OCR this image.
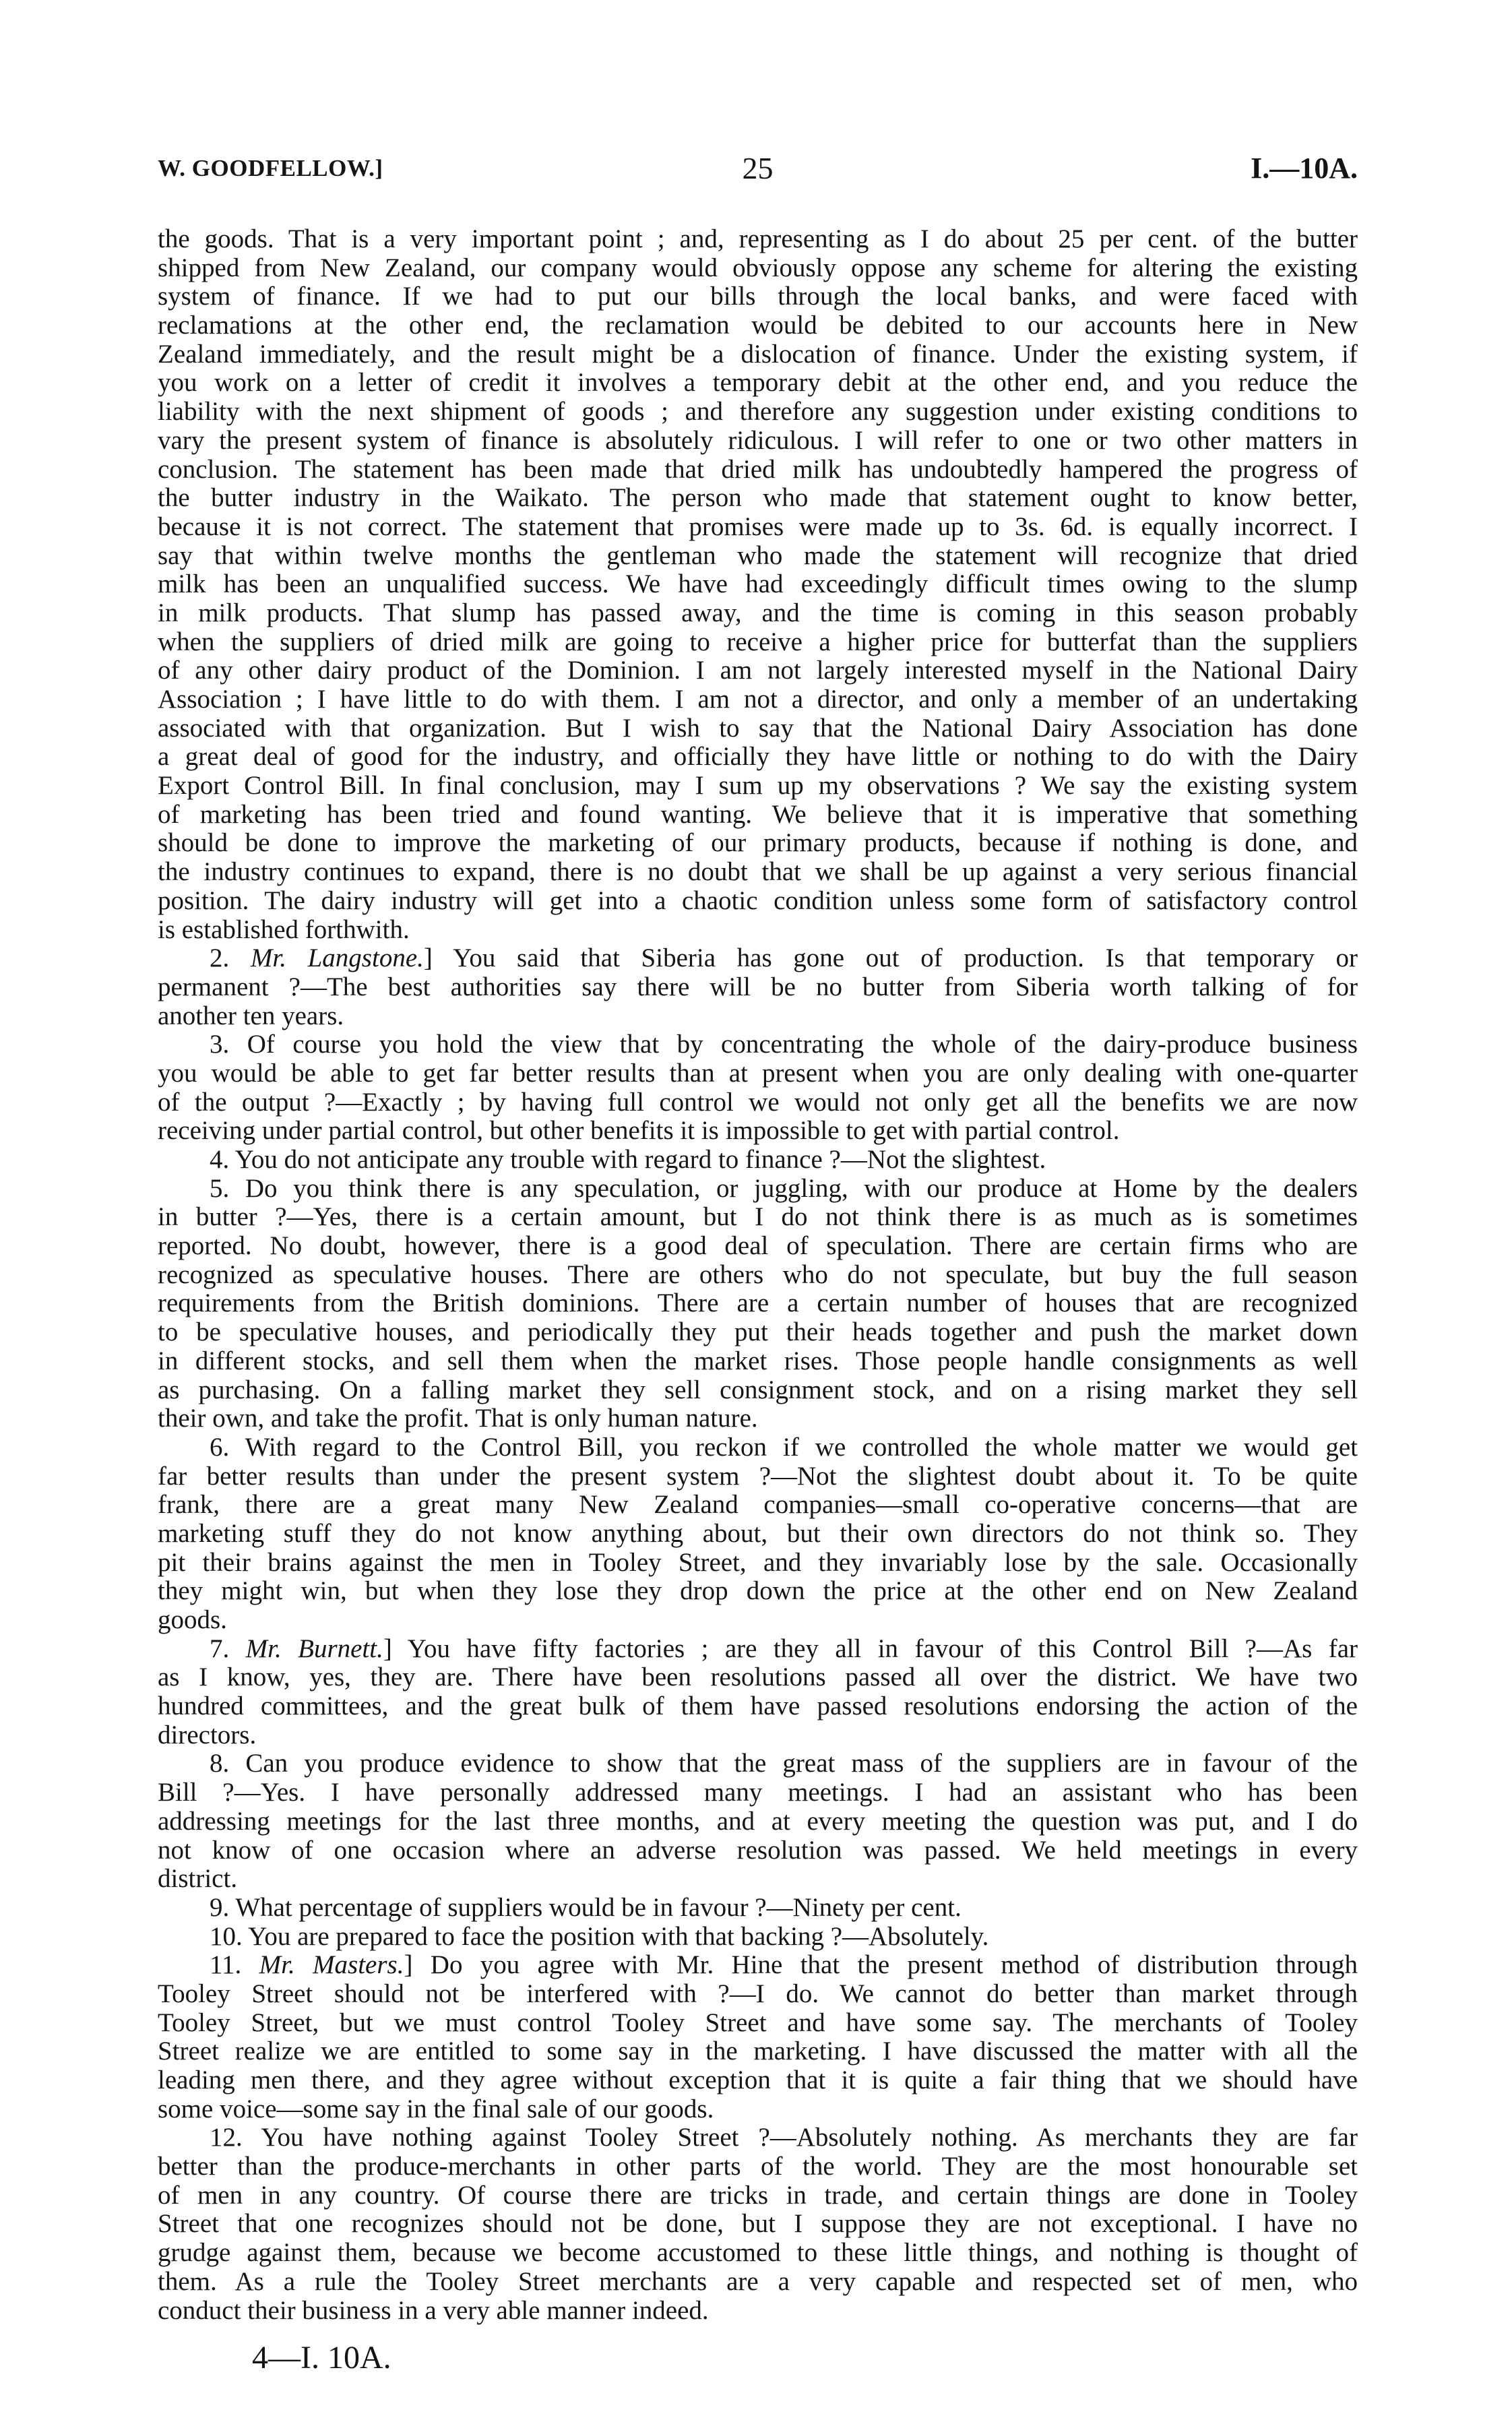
W. GOODFELLOW.]	25	I.—10A.
the goods. That is a very important point ; and, representing as I do about 25 per cent. of the butter
shipped from New Zealand, our company would obviously oppose any scheme for altering the existing
system of finance. If we had to put our bills through the local banks, and were faced with
reclamations at the other end, the reclamation would be debited to our accounts here in New
Zealand immediately, and the result might be a dislocation of finance. Under the existing system, if
you work on a letter of credit it involves a temporary debit at the other end, and you reduce the
liability with the next shipment of goods ; and therefore any suggestion under existing conditions to
vary the present system of finance is absolutely ridiculous. I will refer to one or two other matters in
conclusion. The statement has been made that dried milk has undoubtedly hampered the progress of
the butter industry in the Waikato. The person who made that statement ought to know better,
because it is not correct. The statement that promises were made up to 3s. 6d. is equally incorrect. I
say that within twelve months the gentleman who made the statement will recognize that dried
milk has been an unqualified success. We have had exceedingly difficult times owing to the slump
in milk products. That slump has passed away, and the time is coming in this season probably
when the suppliers of dried milk are going to receive a higher price for butterfat than the suppliers
of any other dairy product of the Dominion. I am not largely interested myself in the National Dairy
Association ; I have little to do with them. I am not a director, and only a member of an undertaking
associated with that organization. But I wish to say that the National Dairy Association has done
a great deal of good for the industry, and officially they have little or nothing to do with the Dairy
Export Control Bill. In final conclusion, may I sum up my observations ? We say the existing system
of marketing has been tried and found wanting. We believe that it is imperative that something
should be done to improve the marketing of our primary products, because if nothing is done, and
the industry continues to expand, there is no doubt that we shall be up against a very serious financial
position. The dairy industry will get into a chaotic condition unless some form of satisfactory control
is established forthwith.
2. Mr. Langstone.] You said that Siberia has gone out of production. Is that temporary or
permanent ?—The best authorities say there will be no butter from Siberia worth talking of for
another ten years.
3. Of course you hold the view that by concentrating the whole of the dairy-produce business
you would be able to get far better results than at present when you are only dealing with one-quarter
of the output ?—Exactly ; by having full control we would not only get all the benefits we are now
receiving under partial control, but other benefits it is impossible to get with partial control.
4. You do not anticipate any trouble with regard to finance ?—Not the slightest.
5. Do you think there is any speculation, or juggling, with our produce at Home by the dealers
in butter ?—Yes, there is a certain amount, but I do not think there is as much as is sometimes
reported. No doubt, however, there is a good deal of speculation. There are certain firms who are
recognized as speculative houses. There are others who do not speculate, but buy the full season
requirements from the British dominions. There are a certain number of houses that are recognized
to be speculative houses, and periodically they put their heads together and push the market down
in different stocks, and sell them when the market rises. Those people handle consignments as well
as purchasing. On a falling market they sell consignment stock, and on a rising market they sell
their own, and take the profit. That is only human nature.
6. With regard to the Control Bill, you reckon if we controlled the whole matter we would get
far better results than under the present system ?—Not the slightest doubt about it. To be quite
frank, there are a great many New Zealand companies—small co-operative concerns—that are
marketing stuff they do not know anything about, but their own directors do not think so. They
pit their brains against the men in Tooley Street, and they invariably lose by the sale. Occasionally
they might win, but when they lose they drop down the price at the other end on New Zealand
goods.
7. Mr. Burnett.] You have fifty factories ; are they all in favour of this Control Bill ?—As far
as I know, yes, they are. There have been resolutions passed all over the district. We have two
hundred committees, and the great bulk of them have passed resolutions endorsing the action of the
directors.
8. Can you produce evidence to show that the great mass of the suppliers are in favour of the
Bill ?—Yes. I have personally addressed many meetings. I had an assistant who has been
addressing meetings for the last three months, and at every meeting the question was put, and I do
not know of one occasion where an adverse resolution was passed. We held meetings in every
district.
9. What percentage of suppliers would be in favour ?—Ninety per cent.
10. You are prepared to face the position with that backing ?—Absolutely.
11. Mr. Masters.] Do you agree with Mr. Hine that the present method of distribution through
Tooley Street should not be interfered with ?—I do. We cannot do better than market through
Tooley Street, but we must control Tooley Street and have some say. The merchants of Tooley
Street realize we are entitled to some say in the marketing. I have discussed the matter with all the
leading men there, and they agree without exception that it is quite a fair thing that we should have
some voice—some say in the final sale of our goods.
12. You have nothing against Tooley Street ?—Absolutely nothing. As merchants they are far
better than the produce-merchants in other parts of the world. They are the most honourable set
of men in any country. Of course there are tricks in trade, and certain things are done in Tooley
Street that one recognizes should not be done, but I suppose they are not exceptional. I have no
grudge against them, because we become accustomed to these little things, and nothing is thought of
them. As a rule the Tooley Street merchants are a very capable and respected set of men, who
conduct their business in a very able manner indeed.
4—I. 10A.
